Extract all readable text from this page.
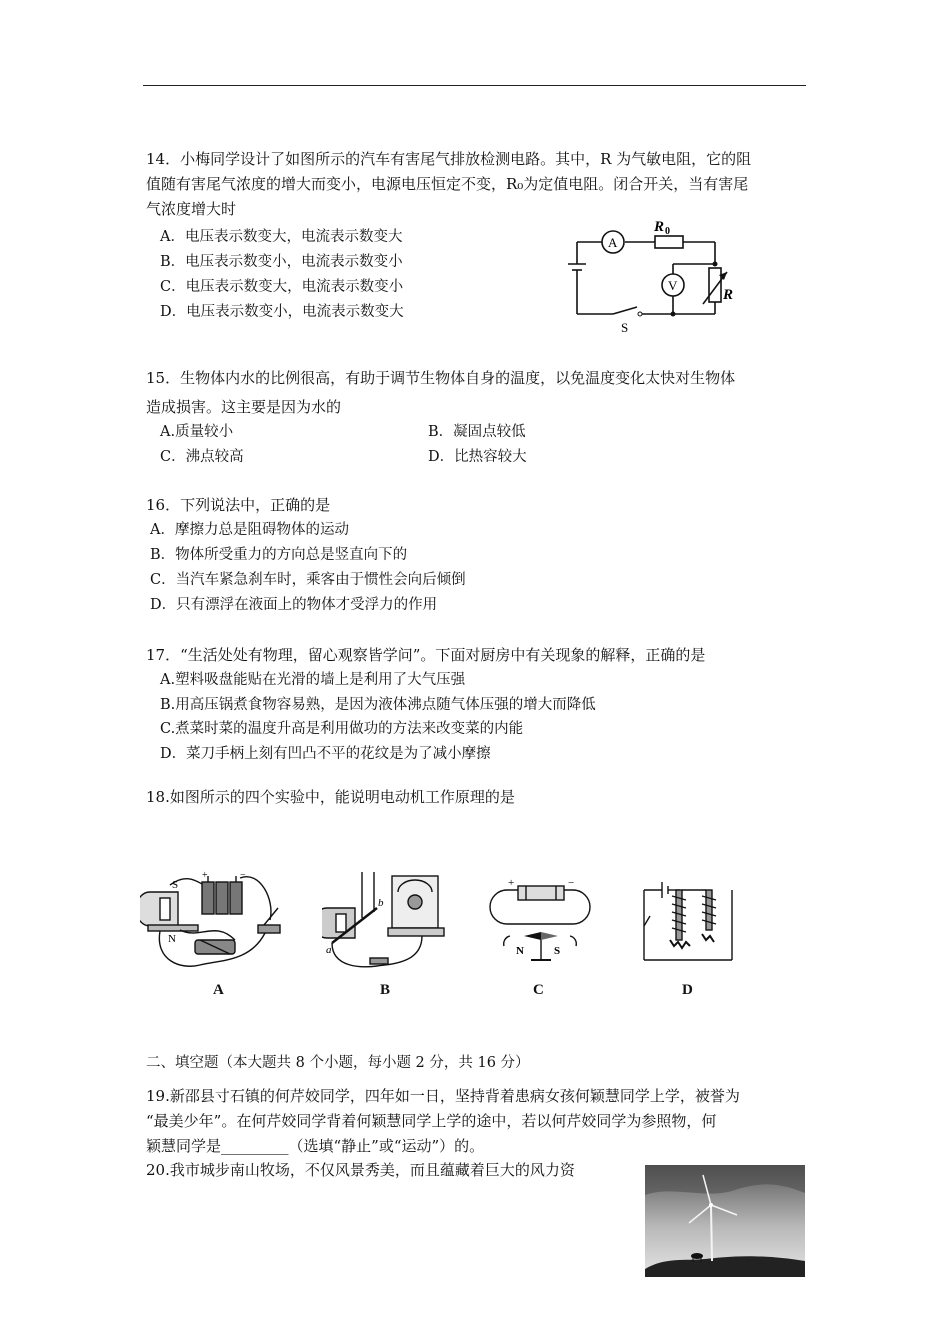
14．小梅同学设计了如图所示的汽车有害尾气排放检测电路。其中，R 为气敏电阻，它的阻
值随有害尾气浓度的增大而变小，电源电压恒定不变，R₀为定值电阻。闭合开关，当有害尾
气浓度增大时
A．电压表示数变大，电流表示数变大
B．电压表示数变小，电流表示数变小
C．电压表示数变大，电流表示数变小
D．电压表示数变小，电流表示数变大
A
V
R 0
R
S
15．生物体内水的比例很高，有助于调节生物体自身的温度，以免温度变化太快对生物体
造成损害。这主要是因为水的
A.质量较小	B．凝固点较低
C．沸点较高	D．比热容较大
16．下列说法中，正确的是
A．摩擦力总是阻碍物体的运动
B．物体所受重力的方向总是竖直向下的
C．当汽车紧急刹车时，乘客由于惯性会向后倾倒
D．只有漂浮在液面上的物体才受浮力的作用
17．“生活处处有物理，留心观察皆学问”。下面对厨房中有关现象的解释，正确的是
A.塑料吸盘能贴在光滑的墙上是利用了大气压强
B.用高压锅煮食物容易熟，是因为液体沸点随气体压强的增大而降低
C.煮菜时菜的温度升高是利用做功的方法来改变菜的内能
D．菜刀手柄上刻有凹凸不平的花纹是为了减小摩擦
18.如图所示的四个实验中，能说明电动机工作原理的是
S
N
+	−
A
a
b
B
+	−
N	S
C	D
二、填空题（本大题共 8 个小题，每小题 2 分，共 16 分）
19.新邵县寸石镇的何芹姣同学，四年如一日，坚持背着患病女孩何颖慧同学上学，被誉为
“最美少年”。在何芹姣同学背着何颖慧同学上学的途中，若以何芹姣同学为参照物，何
颖慧同学是_________（选填“静止”或“运动”）的。
20.我市城步南山牧场，不仅风景秀美，而且蕴藏着巨大的风力资
